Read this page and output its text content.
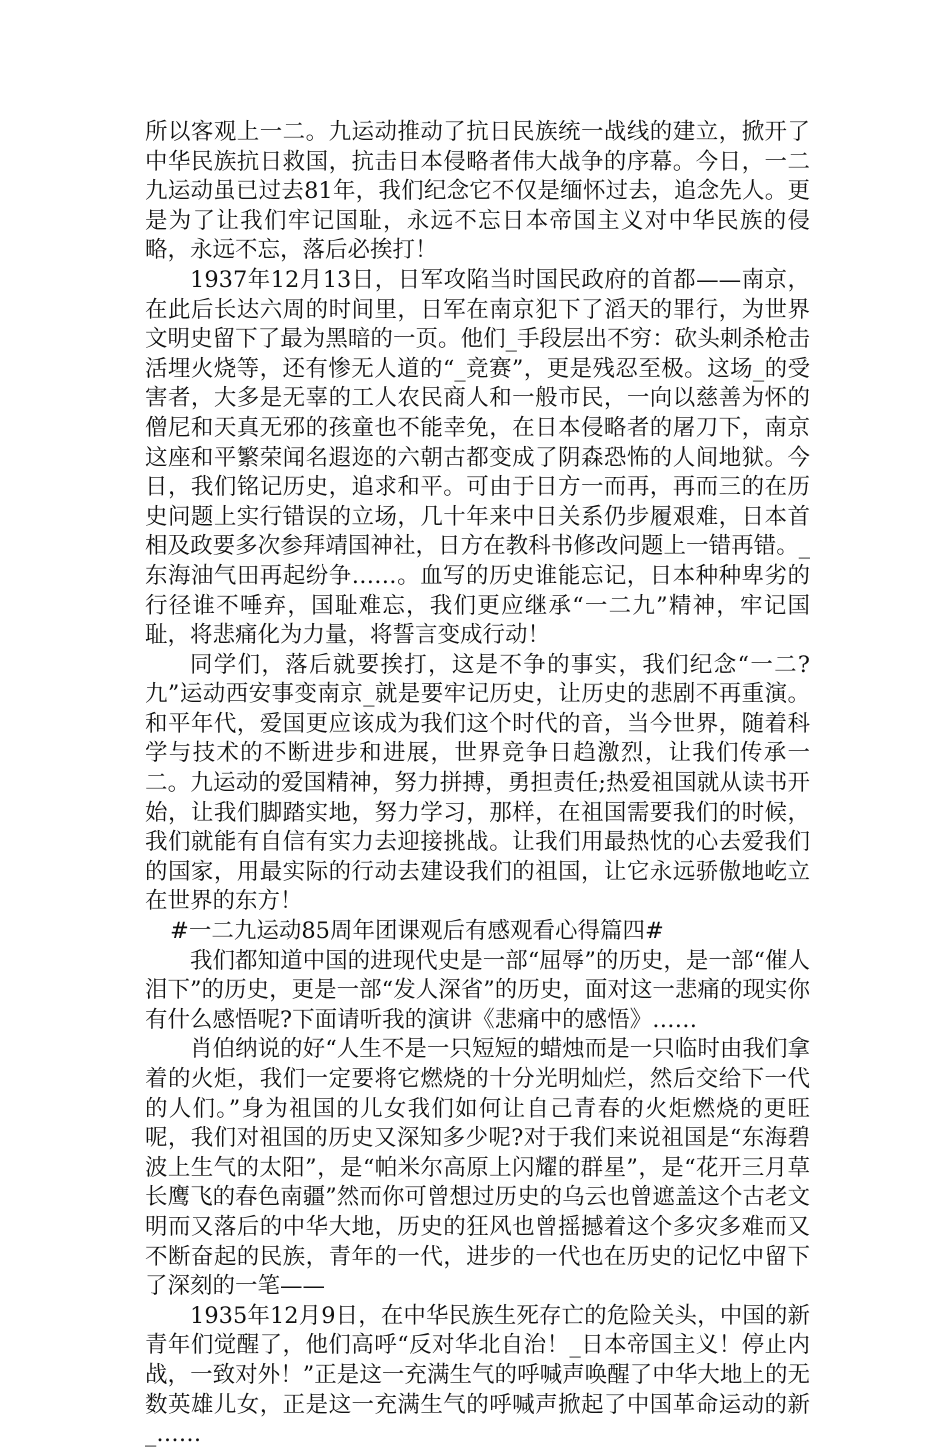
所以客观上一二。九运动推动了抗日民族统一战线的建立，掀开了中华民族抗日救国，抗击日本侵略者伟大战争的序幕。今日，一二九运动虽已过去81年，我们纪念它不仅是缅怀过去，追念先人。更是为了让我们牢记国耻，永远不忘日本帝国主义对中华民族的侵略，永远不忘，落后必挨打！

1937年12月13日，日军攻陷当时国民政府的首都——南京，在此后长达六周的时间里，日军在南京犯下了滔天的罪行，为世界文明史留下了最为黑暗的一页。他们_手段层出不穷：砍头刺杀枪击活埋火烧等，还有惨无人道的“_竞赛”，更是残忍至极。这场_的受害者，大多是无辜的工人农民商人和一般市民，一向以慈善为怀的僧尼和天真无邪的孩童也不能幸免，在日本侵略者的屠刀下，南京这座和平繁荣闻名遐迩的六朝古都变成了阴森恐怖的人间地狱。今日，我们铭记历史，追求和平。可由于日方一而再，再而三的在历史问题上实行错误的立场，几十年来中日关系仍步履艰难，日本首相及政要多次参拜靖国神社，日方在教科书修改问题上一错再错。_东海油气田再起纷争……。血写的历史谁能忘记，日本种种卑劣的行径谁不唾弃，国耻难忘，我们更应继承“一二九”精神，牢记国耻，将悲痛化为力量，将誓言变成行动！

同学们，落后就要挨打，这是不争的事实，我们纪念“一二?九”运动西安事变南京_就是要牢记历史，让历史的悲剧不再重演。和平年代，爱国更应该成为我们这个时代的音，当今世界，随着科学与技术的不断进步和进展，世界竞争日趋激烈，让我们传承一二。九运动的爱国精神，努力拼搏，勇担责任;热爱祖国就从读书开始，让我们脚踏实地，努力学习，那样，在祖国需要我们的时候，我们就能有自信有实力去迎接挑战。让我们用最热忱的心去爱我们的国家，用最实际的行动去建设我们的祖国，让它永远骄傲地屹立在世界的东方！

#一二九运动85周年团课观后有感观看心得篇四#

我们都知道中国的进现代史是一部“屈辱”的历史，是一部“催人泪下”的历史，更是一部“发人深省”的历史，面对这一悲痛的现实你有什么感悟呢?下面请听我的演讲《悲痛中的感悟》……

肖伯纳说的好“人生不是一只短短的蜡烛而是一只临时由我们拿着的火炬，我们一定要将它燃烧的十分光明灿烂，然后交给下一代的人们。”身为祖国的儿女我们如何让自己青春的火炬燃烧的更旺呢，我们对祖国的历史又深知多少呢?对于我们来说祖国是“东海碧波上生气的太阳”，是“帕米尔高原上闪耀的群星”，是“花开三月草长鹰飞的春色南疆”然而你可曾想过历史的乌云也曾遮盖这个古老文明而又落后的中华大地，历史的狂风也曾摇撼着这个多灾多难而又不断奋起的民族，青年的一代，进步的一代也在历史的记忆中留下了深刻的一笔——

1935年12月9日，在中华民族生死存亡的危险关头，中国的新青年们觉醒了，他们高呼“反对华北自治！_日本帝国主义！停止内战，一致对外！”正是这一充满生气的呼喊声唤醒了中华大地上的无数英雄儿女，正是这一充满生气的呼喊声掀起了中国革命运动的新_……
